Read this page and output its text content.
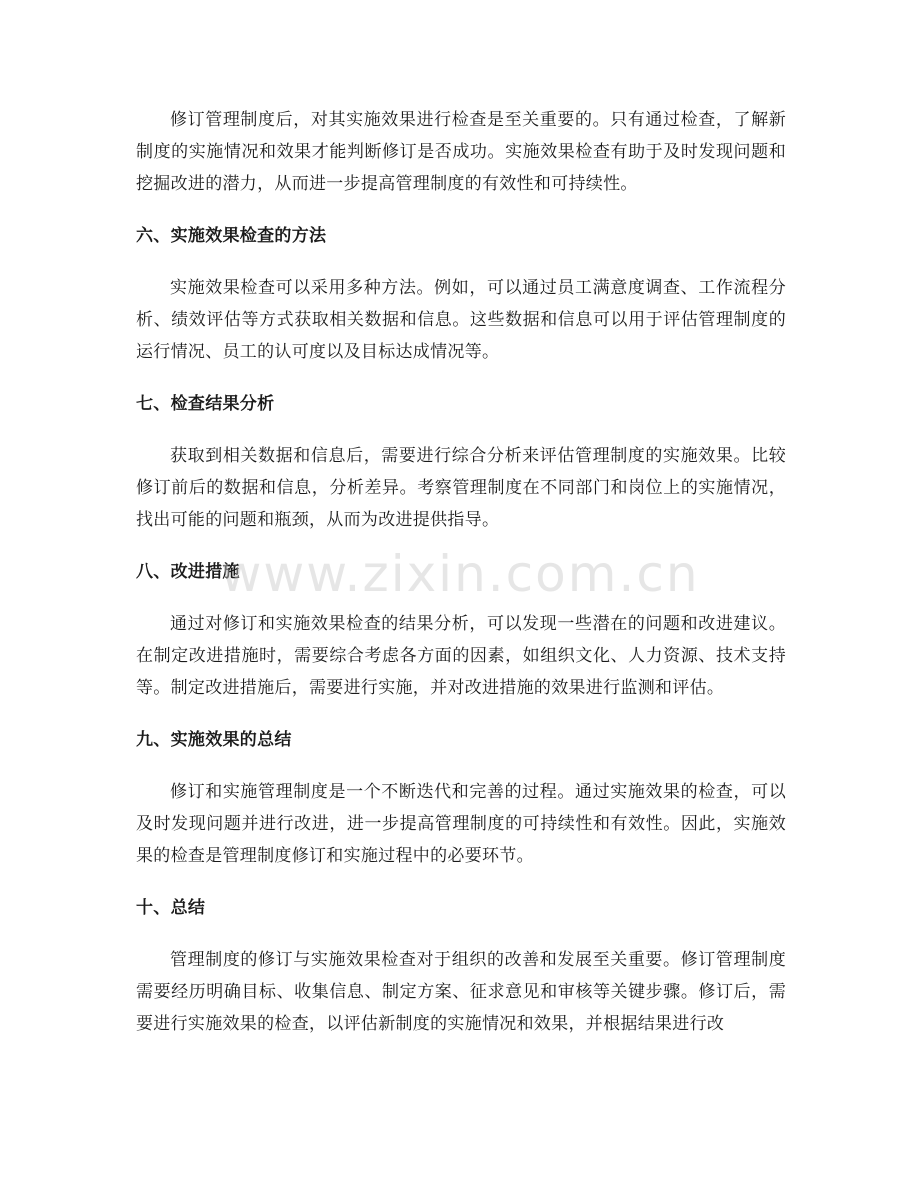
修订管理制度后，对其实施效果进行检查是至关重要的。只有通过检查，了解新制度的实施情况和效果才能判断修订是否成功。实施效果检查有助于及时发现问题和挖掘改进的潜力，从而进一步提高管理制度的有效性和可持续性。

六、实施效果检查的方法

实施效果检查可以采用多种方法。例如，可以通过员工满意度调查、工作流程分析、绩效评估等方式获取相关数据和信息。这些数据和信息可以用于评估管理制度的运行情况、员工的认可度以及目标达成情况等。

七、检查结果分析

获取到相关数据和信息后，需要进行综合分析来评估管理制度的实施效果。比较修订前后的数据和信息，分析差异。考察管理制度在不同部门和岗位上的实施情况，找出可能的问题和瓶颈，从而为改进提供指导。

八、改进措施

通过对修订和实施效果检查的结果分析，可以发现一些潜在的问题和改进建议。在制定改进措施时，需要综合考虑各方面的因素，如组织文化、人力资源、技术支持等。制定改进措施后，需要进行实施，并对改进措施的效果进行监测和评估。

九、实施效果的总结

修订和实施管理制度是一个不断迭代和完善的过程。通过实施效果的检查，可以及时发现问题并进行改进，进一步提高管理制度的可持续性和有效性。因此，实施效果的检查是管理制度修订和实施过程中的必要环节。

十、总结

管理制度的修订与实施效果检查对于组织的改善和发展至关重要。修订管理制度需要经历明确目标、收集信息、制定方案、征求意见和审核等关键步骤。修订后，需要进行实施效果的检查，以评估新制度的实施情况和效果，并根据结果进行改

www.zixin.com.cn
